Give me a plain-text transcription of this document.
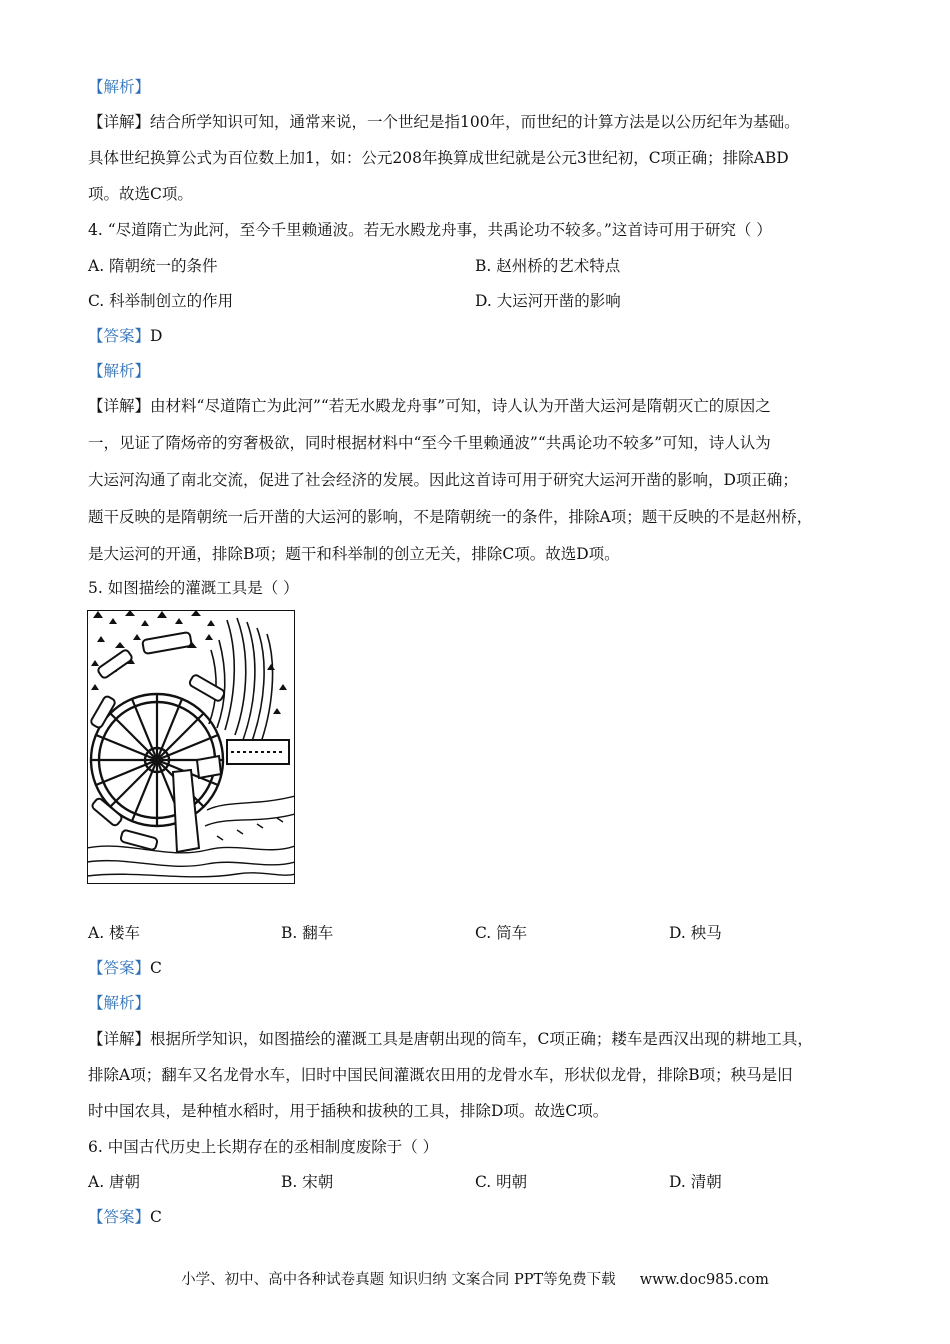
【解析】
【详解】结合所学知识可知，通常来说，一个世纪是指100年，而世纪的计算方法是以公历纪年为基础。
具体世纪换算公式为百位数上加1，如：公元208年换算成世纪就是公元3世纪初，C项正确；排除ABD
项。故选C项。
4. “尽道隋亡为此河，至今千里赖通波。若无水殿龙舟事，共禹论功不较多。”这首诗可用于研究（ ）
A. 隋朝统一的条件	B. 赵州桥的艺术特点
C. 科举制创立的作用	D. 大运河开凿的影响
【答案】D
【解析】
【详解】由材料“尽道隋亡为此河”“若无水殿龙舟事”可知，诗人认为开凿大运河是隋朝灭亡的原因之
一，见证了隋炀帝的穷奢极欲，同时根据材料中“至今千里赖通波”“共禹论功不较多”可知，诗人认为
大运河沟通了南北交流，促进了社会经济的发展。因此这首诗可用于研究大运河开凿的影响，D项正确；
题干反映的是隋朝统一后开凿的大运河的影响，不是隋朝统一的条件，排除A项；题干反映的不是赵州桥，
是大运河的开通，排除B项；题干和科举制的创立无关，排除C项。故选D项。
5. 如图描绘的灌溉工具是（ ）
A. 楼车	B. 翻车	C. 筒车	D. 秧马
【答案】C
【解析】
【详解】根据所学知识，如图描绘的灌溉工具是唐朝出现的筒车，C项正确；耧车是西汉出现的耕地工具，
排除A项；翻车又名龙骨水车，旧时中国民间灌溉农田用的龙骨水车，形状似龙骨，排除B项；秧马是旧
时中国农具，是种植水稻时，用于插秧和拔秧的工具，排除D项。故选C项。
6. 中国古代历史上长期存在的丞相制度废除于（ ）
A. 唐朝	B. 宋朝	C. 明朝	D. 清朝
【答案】C
小学、初中、高中各种试卷真题 知识归纳 文案合同 PPT等免费下载 www.doc985.com
